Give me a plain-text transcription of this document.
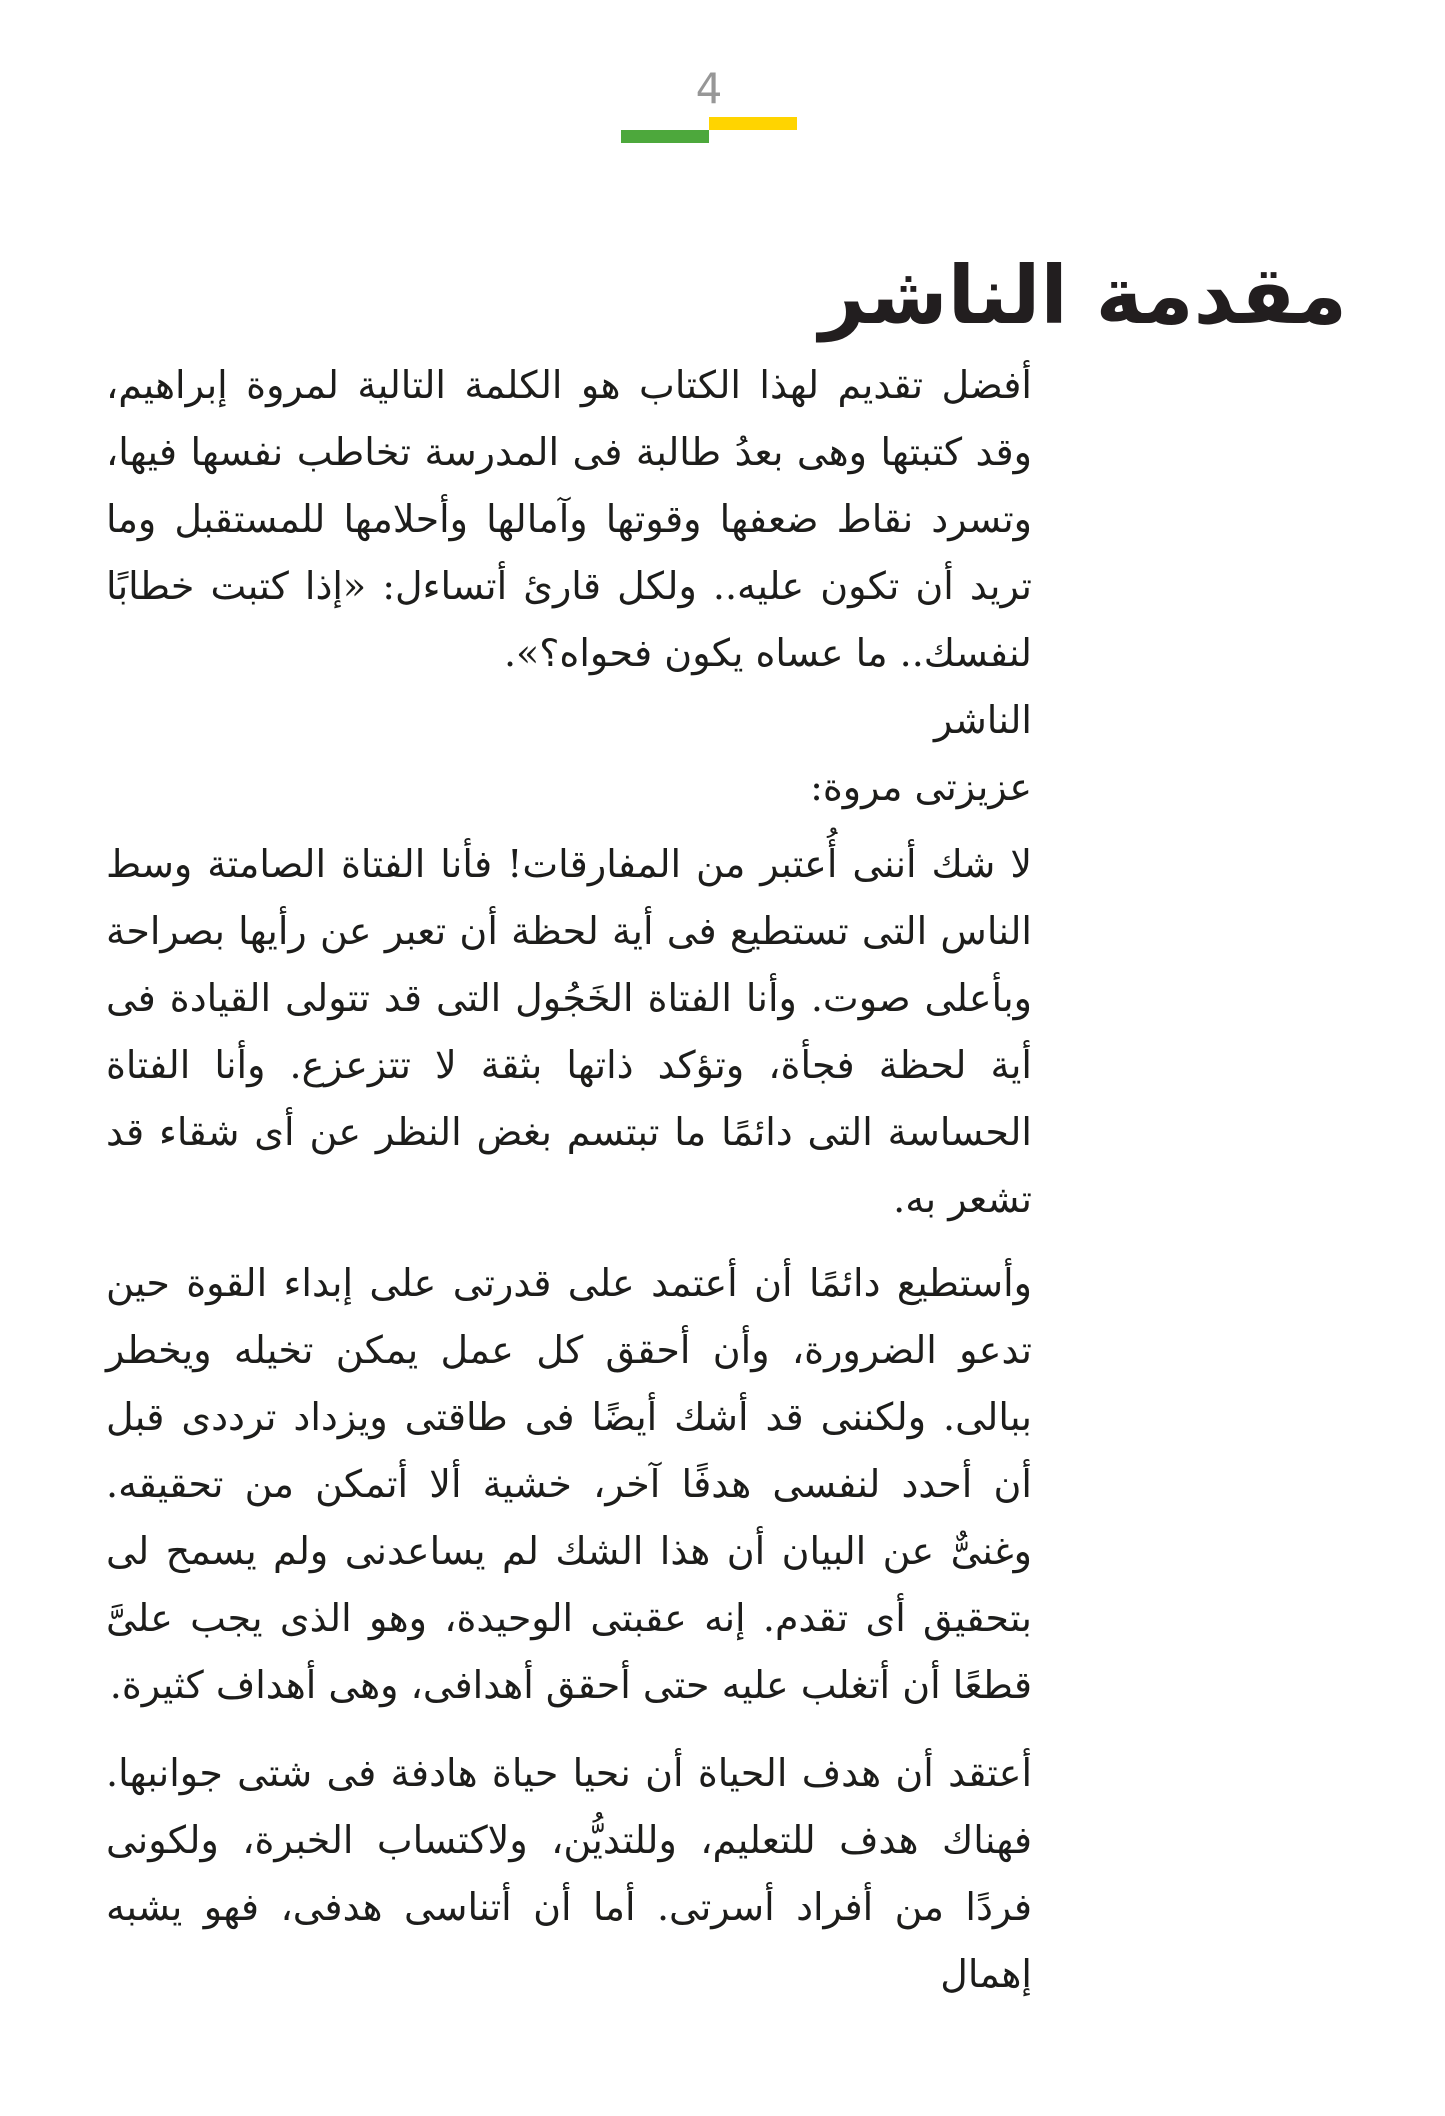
4
مقدمة الناشر

أفضل تقديم لهذا الكتاب هو الكلمة التالية لمروة إبراهيم، وقد كتبتها وهى بعدُ طالبة فى المدرسة تخاطب نفسها فيها، وتسرد نقاط ضعفها وقوتها وآمالها وأحلامها للمستقبل وما تريد أن تكون عليه.. ولكل قارئ أتساءل: «إذا كتبت خطابًا لنفسك.. ما عساه يكون فحواه؟».

الناشر

عزيزتى مروة:

لا شك أننى أُعتبر من المفارقات! فأنا الفتاة الصامتة وسط الناس التى تستطيع فى أية لحظة أن تعبر عن رأيها بصراحة وبأعلى صوت. وأنا الفتاة الخَجُول التى قد تتولى القيادة فى أية لحظة فجأة، وتؤكد ذاتها بثقة لا تتزعزع. وأنا الفتاة الحساسة التى دائمًا ما تبتسم بغض النظر عن أى شقاء قد تشعر به.

وأستطيع دائمًا أن أعتمد على قدرتى على إبداء القوة حين تدعو الضرورة، وأن أحقق كل عمل يمكن تخيله ويخطر ببالى. ولكننى قد أشك أيضًا فى طاقتى ويزداد ترددى قبل أن أحدد لنفسى هدفًا آخر، خشية ألا أتمكن من تحقيقه. وغنىٌّ عن البيان أن هذا الشك لم يساعدنى ولم يسمح لى بتحقيق أى تقدم. إنه عقبتى الوحيدة، وهو الذى يجب علىَّ قطعًا أن أتغلب عليه حتى أحقق أهدافى، وهى أهداف كثيرة.

أعتقد أن هدف الحياة أن نحيا حياة هادفة فى شتى جوانبها. فهناك هدف للتعليم، وللتديُّن، ولاكتساب الخبرة، ولكونى فردًا من أفراد أسرتى. أما أن أتناسى هدفى، فهو يشبه إهمال
